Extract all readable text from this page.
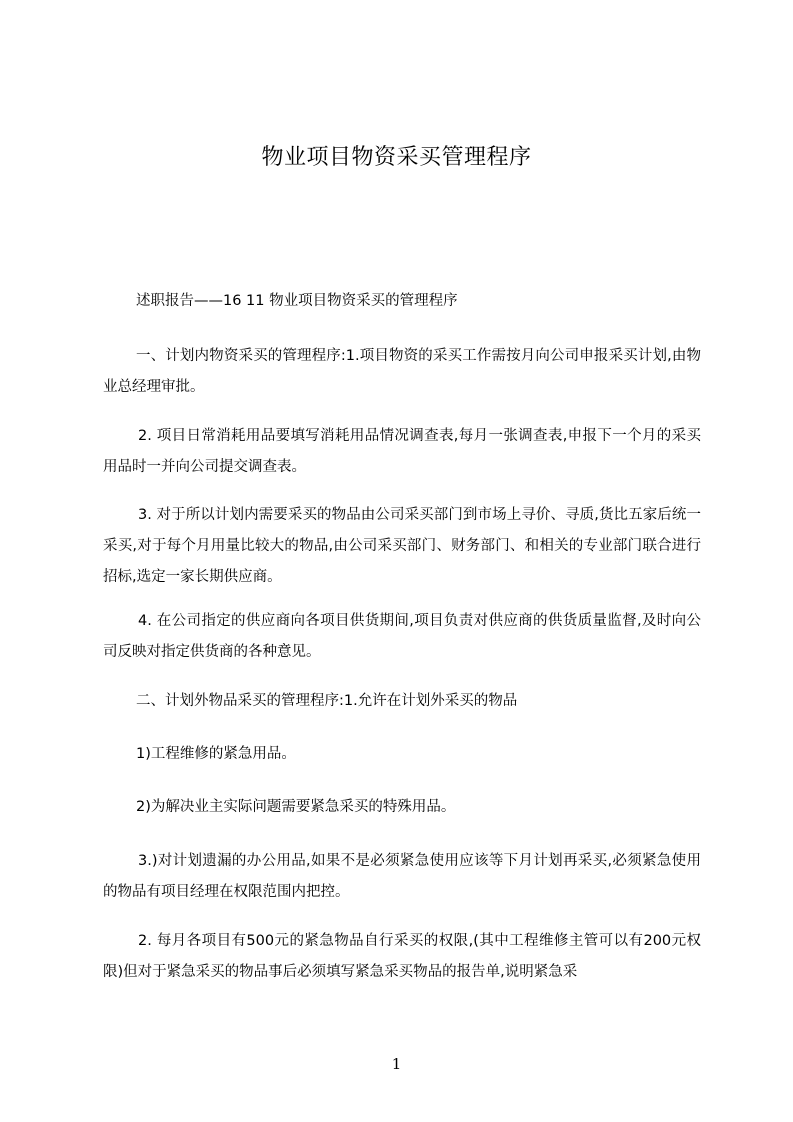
物业项目物资采买管理程序

述职报告——16 11 物业项目物资采买的管理程序

一、计划内物资采买的管理程序:1.项目物资的采买工作需按月向公司申报采买计划,由物业总经理审批。

2. 项目日常消耗用品要填写消耗用品情况调查表,每月一张调查表,申报下一个月的采买用品时一并向公司提交调查表。

3. 对于所以计划内需要采买的物品由公司采买部门到市场上寻价、寻质,货比五家后统一采买,对于每个月用量比较大的物品,由公司采买部门、财务部门、和相关的专业部门联合进行招标,选定一家长期供应商。

4. 在公司指定的供应商向各项目供货期间,项目负责对供应商的供货质量监督,及时向公司反映对指定供货商的各种意见。

二、计划外物品采买的管理程序:1.允许在计划外采买的物品

1)工程维修的紧急用品。

2)为解决业主实际问题需要紧急采买的特殊用品。

3.)对计划遗漏的办公用品,如果不是必须紧急使用应该等下月计划再采买,必须紧急使用的物品有项目经理在权限范围内把控。

2. 每月各项目有500元的紧急物品自行采买的权限,(其中工程维修主管可以有200元权限)但对于紧急采买的物品事后必须填写紧急采买物品的报告单,说明紧急采

1
